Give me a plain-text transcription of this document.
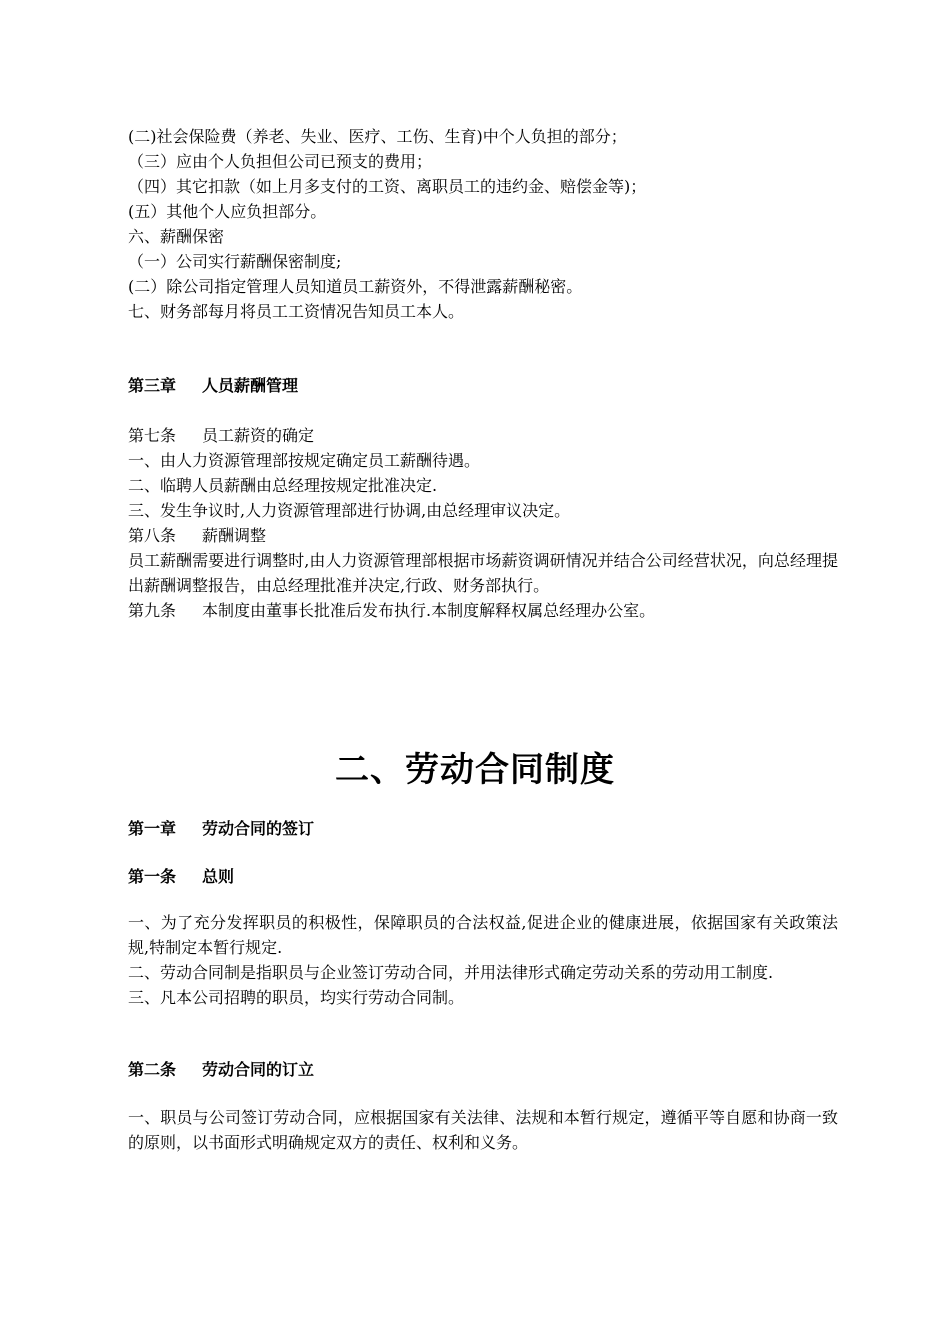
(二)社会保险费（养老、失业、医疗、工伤、生育)中个人负担的部分；
（三）应由个人负担但公司已预支的费用；
（四）其它扣款（如上月多支付的工资、离职员工的违约金、赔偿金等)；
(五）其他个人应负担部分。
六、薪酬保密
（一）公司实行薪酬保密制度;
(二）除公司指定管理人员知道员工薪资外，不得泄露薪酬秘密。
七、财务部每月将员工工资情况告知员工本人。
第三章 人员薪酬管理
第七条 员工薪资的确定
一、由人力资源管理部按规定确定员工薪酬待遇。
二、临聘人员薪酬由总经理按规定批准决定.
三、发生争议时,人力资源管理部进行协调,由总经理审议决定。
第八条 薪酬调整
员工薪酬需要进行调整时,由人力资源管理部根据市场薪资调研情况并结合公司经营状况，向总经理提出薪酬调整报告，由总经理批准并决定,行政、财务部执行。
第九条 本制度由董事长批准后发布执行.本制度解释权属总经理办公室。
二、劳动合同制度
第一章 劳动合同的签订
第一条 总则
一、为了充分发挥职员的积极性，保障职员的合法权益,促进企业的健康进展，依据国家有关政策法规,特制定本暂行规定.
二、劳动合同制是指职员与企业签订劳动合同，并用法律形式确定劳动关系的劳动用工制度.
三、凡本公司招聘的职员，均实行劳动合同制。
第二条 劳动合同的订立
一、职员与公司签订劳动合同，应根据国家有关法律、法规和本暂行规定，遵循平等自愿和协商一致的原则，以书面形式明确规定双方的责任、权利和义务。
